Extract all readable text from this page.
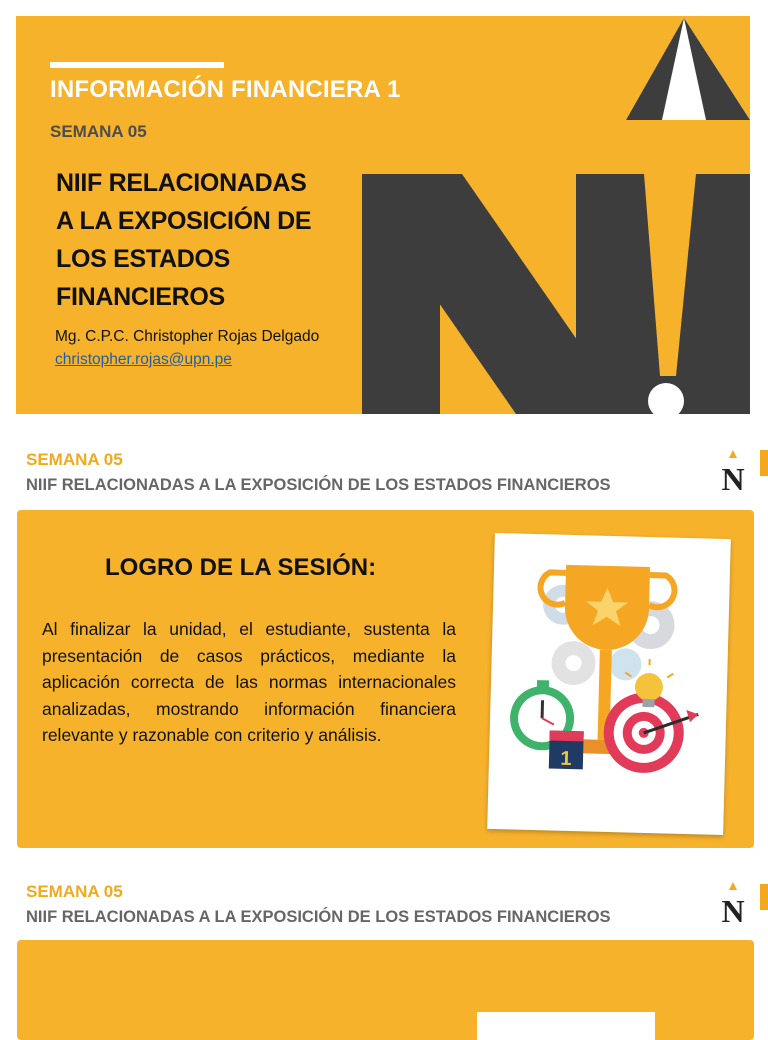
INFORMACIÓN FINANCIERA 1
SEMANA 05
NIIF RELACIONADAS
A LA EXPOSICIÓN DE
LOS ESTADOS
FINANCIEROS
Mg. C.P.C. Christopher Rojas Delgado
christopher.rojas@upn.pe
SEMANA 05
NIIF RELACIONADAS A LA EXPOSICIÓN DE LOS ESTADOS FINANCIEROS	N
LOGRO DE LA SESIÓN:
Al finalizar la unidad, el estudiante, sustenta la presentación de casos prácticos, mediante la aplicación correcta de las normas internacionales analizadas, mostrando información financiera relevante y razonable con criterio y análisis.
1
SEMANA 05
NIIF RELACIONADAS A LA EXPOSICIÓN DE LOS ESTADOS FINANCIEROS	N
